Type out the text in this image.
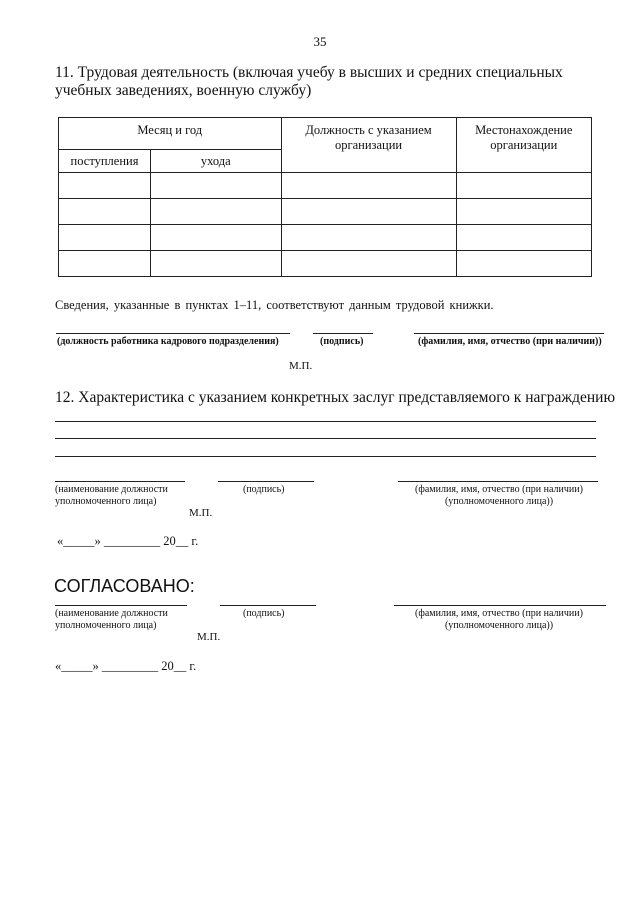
35
11. Трудовая деятельность (включая учебу в высших и средних специальных учебных заведениях, военную службу)
Месяц и год		Должность с указанием организации	Местонахождение организации
поступления	ухода		

Сведения, указанные в пунктах 1–11, соответствуют данным трудовой книжки.
(должность работника кадрового подразделения)	(подпись)	(фамилия, имя, отчество (при наличии))
М.П.
12. Характеристика с указанием конкретных заслуг представляемого к награждению
(наименование должности уполномоченного лица)
(подпись)	(фамилия, имя, отчество (при наличии) (уполномоченного лица))
М.П.
«_____» _________ 20__ г.
СОГЛАСОВАНО:
(наименование должности уполномоченного лица)
(подпись)	(фамилия, имя, отчество (при наличии) (уполномоченного лица))
М.П.
«_____» _________ 20__ г.
